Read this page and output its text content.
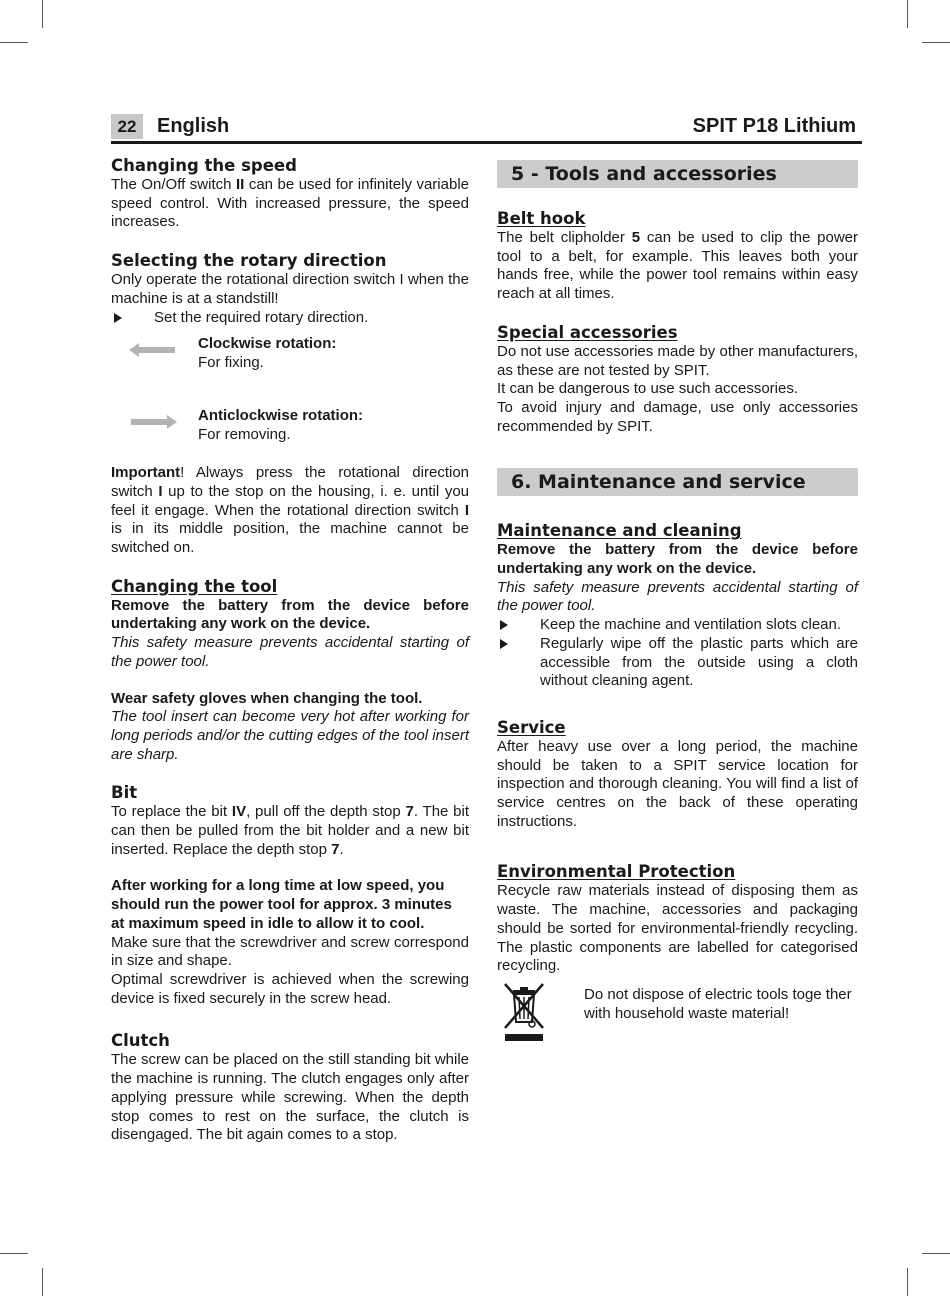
22	English	SPIT P18 Lithium

Changing the speed

The On/Off switch II can be used for infinitely variable speed control. With increased pressure, the speed increases.

Selecting the rotary direction

Only operate the rotational direction switch I when the machine is at a standstill!

Set the required rotary direction.

Clockwise rotation:
For fixing.
Anticlockwise rotation:
For removing.

Important! Always press the rotational direction switch I up to the stop on the housing, i. e. until you feel it engage. When the rotational direction switch I is in its middle position, the machine cannot be switched on.

Changing the tool

Remove the battery from the device before undertaking any work on the device.

This safety measure prevents accidental starting of the power tool.

Wear safety gloves when changing the tool.

The tool insert can become very hot after working for long periods and/or the cutting edges of the tool insert are sharp.

Bit

To replace the bit IV, pull off the depth stop 7. The bit can then be pulled from the bit holder and a new bit inserted. Replace the depth stop 7.

After working for a long time at low speed, you should run the power tool for approx. 3 minutes at maximum speed in idle to allow it to cool.

Make sure that the screwdriver and screw correspond in size and shape.

Optimal screwdriver is achieved when the screwing device is fixed securely in the screw head.

Clutch

The screw can be placed on the still standing bit while the machine is running. The clutch engages only after applying pressure while screwing. When the depth stop comes to rest on the surface, the clutch is disengaged. The bit again comes to a stop.

5 - Tools and accessories

Belt hook

The belt clipholder 5 can be used to clip the power tool to a belt, for example. This leaves both your hands free, while the power tool remains within easy reach at all times.

Special accessories

Do not use accessories made by other manufacturers, as these are not tested by SPIT.

It can be dangerous to use such accessories.

To avoid injury and damage, use only accessories recommended by SPIT.

6. Maintenance and service

Maintenance and cleaning

Remove the battery from the device before undertaking any work on the device.

This safety measure prevents accidental starting of the power tool.

Keep the machine and ventilation slots clean.

Regularly wipe off the plastic parts which are accessible from the outside using a cloth without cleaning agent.

Service

After heavy use over a long period, the machine should be taken to a SPIT service location for inspection and thorough cleaning. You will find a list of service centres on the back of these operating instructions.

Environmental Protection

Recycle raw materials instead of disposing them as waste. The machine, accessories and packaging should be sorted for environmental-friendly recycling. The plastic components are labelled for categorised recycling.

Do not dispose of electric tools toge ther with household waste material!
